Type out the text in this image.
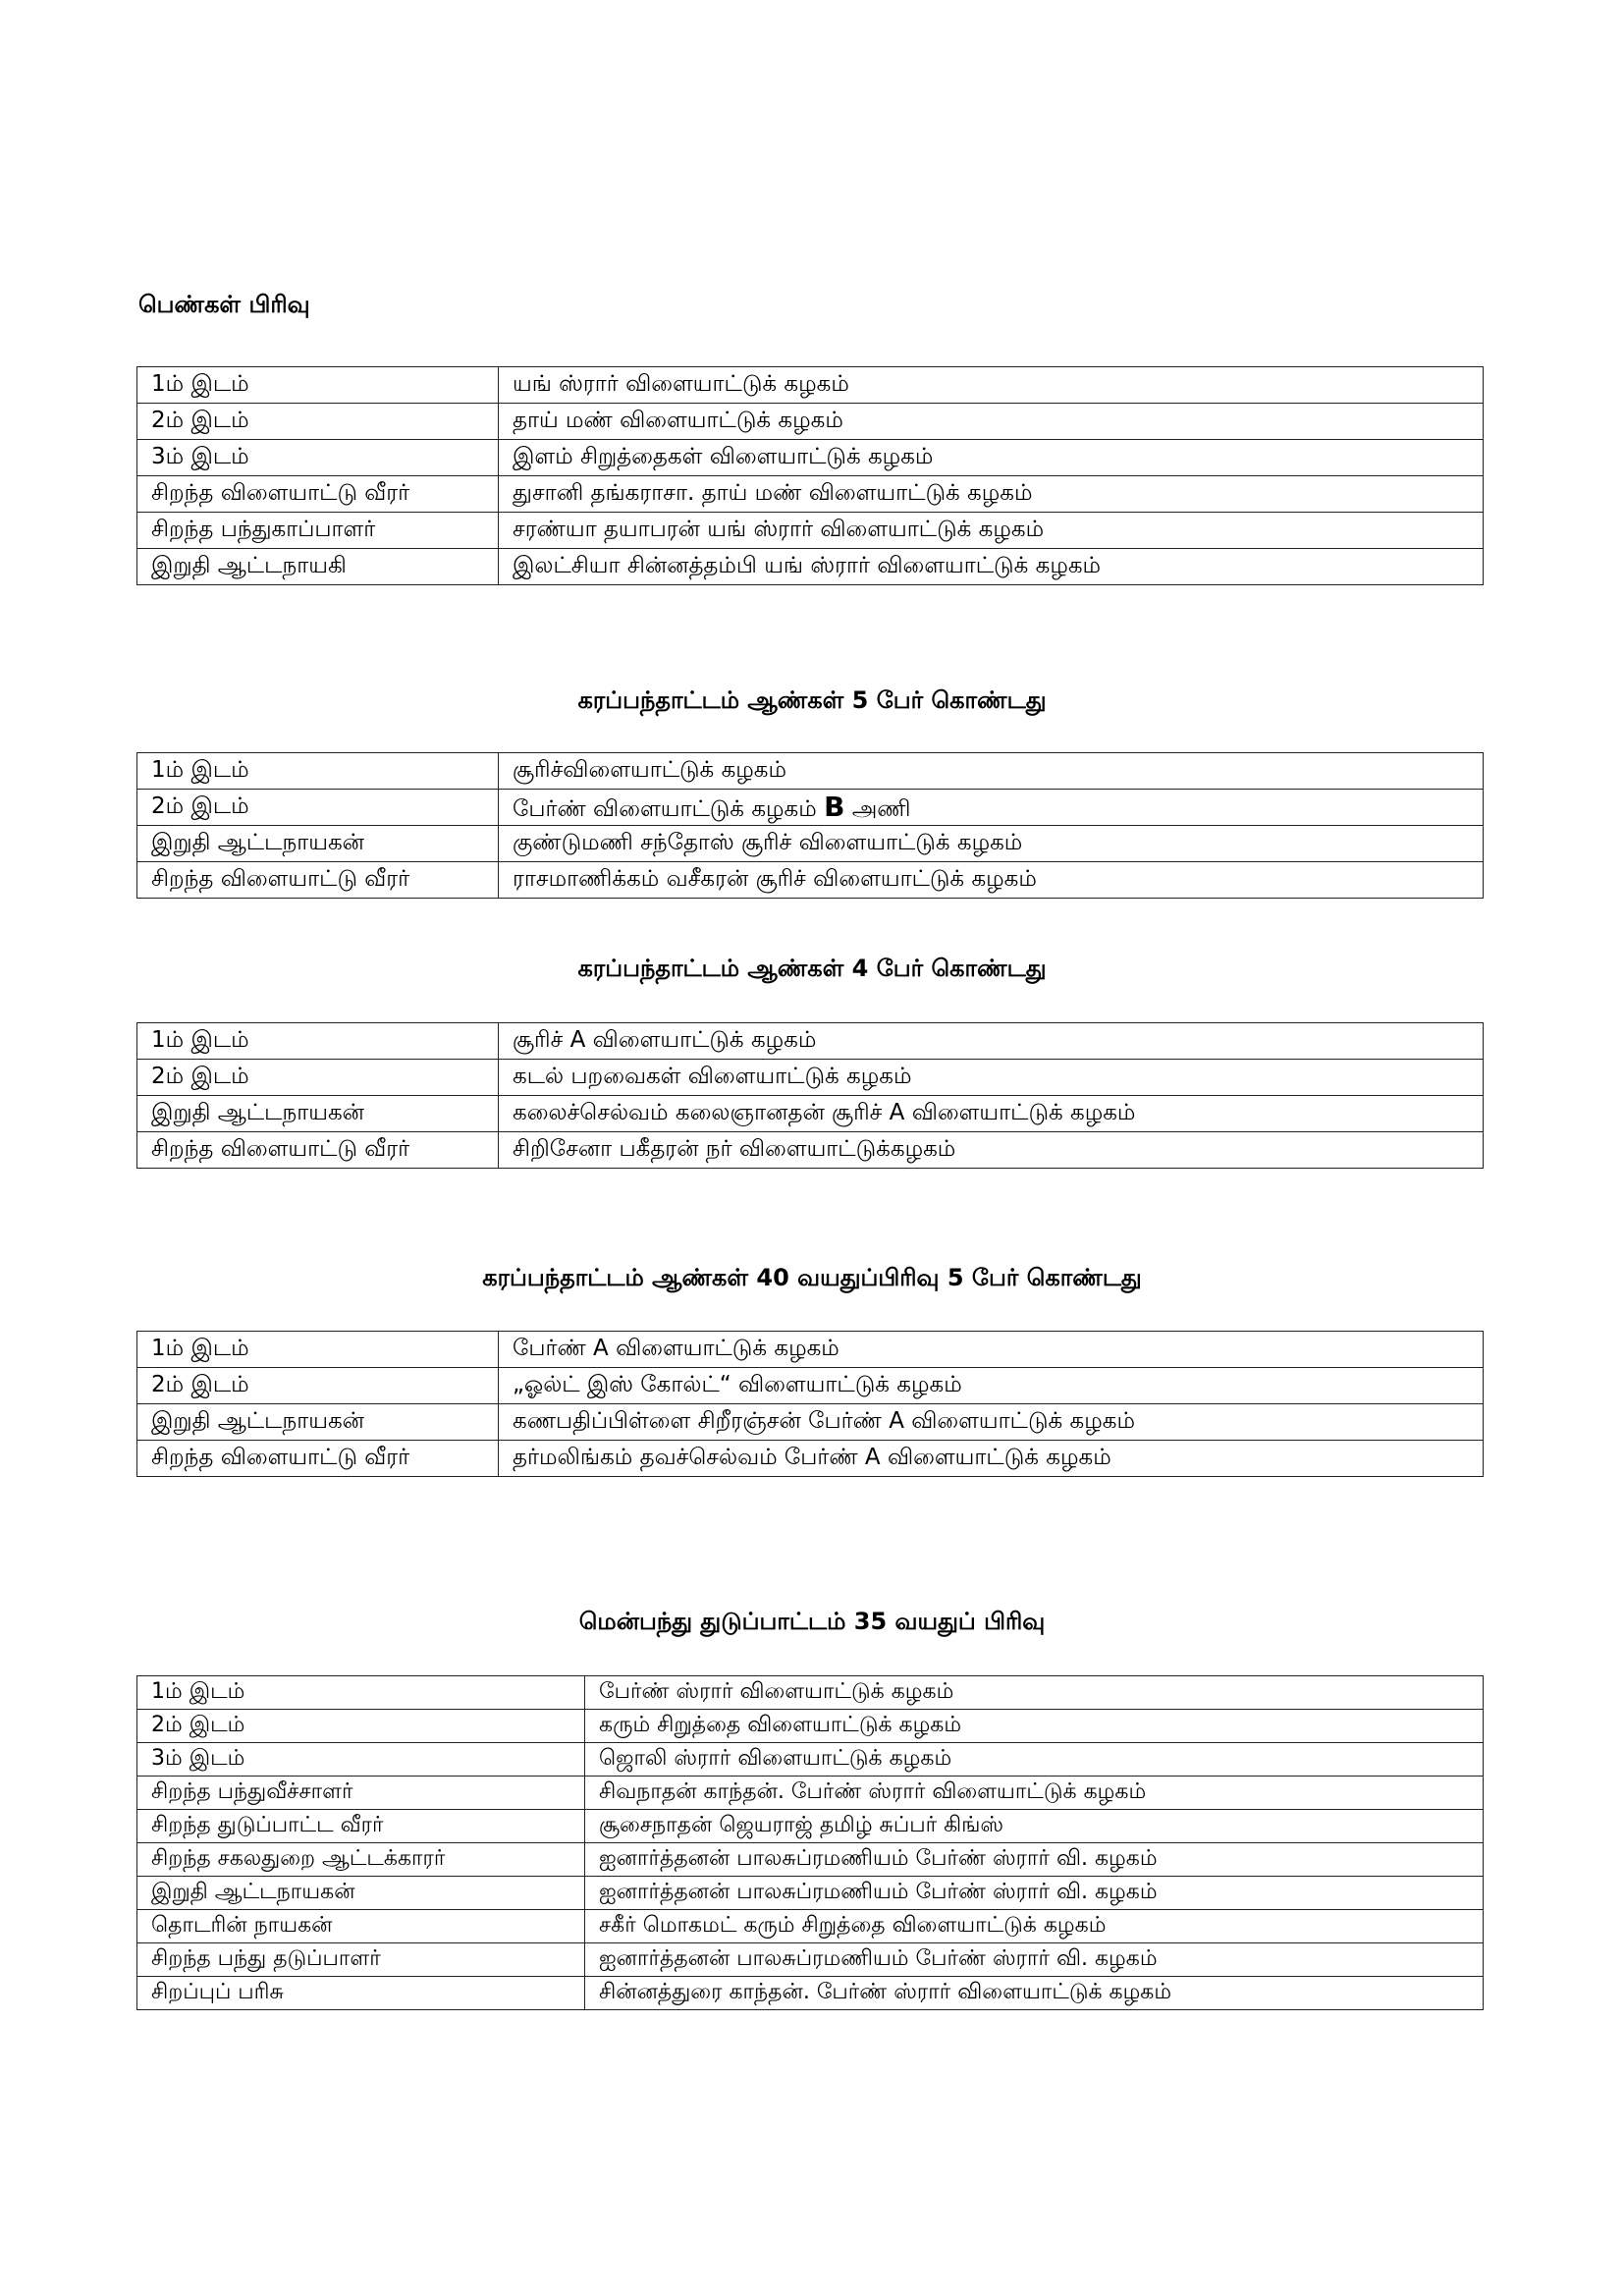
பெண்கள் பிரிவு
1ம் இடம்	யங் ஸ்ரார் விளையாட்டுக் கழகம்
2ம் இடம்	தாய் மண் விளையாட்டுக் கழகம்
3ம் இடம்	இளம் சிறுத்தைகள் விளையாட்டுக் கழகம்
சிறந்த விளையாட்டு வீரர்	துசானி தங்கராசா. தாய் மண் விளையாட்டுக் கழகம்
சிறந்த பந்துகாப்பாளர்	சரண்யா தயாபரன் யங் ஸ்ரார் விளையாட்டுக் கழகம்
இறுதி ஆட்டநாயகி	இலட்சியா சின்னத்தம்பி யங் ஸ்ரார் விளையாட்டுக் கழகம்
கரப்பந்தாட்டம் ஆண்கள் 5 பேர் கொண்டது
1ம் இடம்	சூரிச்விளையாட்டுக் கழகம்
2ம் இடம்	பேர்ண் விளையாட்டுக் கழகம் B அணி
இறுதி ஆட்டநாயகன்	குண்டுமணி சந்தோஸ் சூரிச் விளையாட்டுக் கழகம்
சிறந்த விளையாட்டு வீரர்	ராசமாணிக்கம் வசீகரன் சூரிச் விளையாட்டுக் கழகம்
கரப்பந்தாட்டம் ஆண்கள் 4 பேர் கொண்டது
1ம் இடம்	சூரிச் A விளையாட்டுக் கழகம்
2ம் இடம்	கடல் பறவைகள் விளையாட்டுக் கழகம்
இறுதி ஆட்டநாயகன்	கலைச்செல்வம் கலைஞானதன் சூரிச் A விளையாட்டுக் கழகம்
சிறந்த விளையாட்டு வீரர்	சிறிசேனா பகீதரன் நர் விளையாட்டுக்கழகம்
கரப்பந்தாட்டம் ஆண்கள் 40 வயதுப்பிரிவு 5 பேர் கொண்டது
1ம் இடம்	பேர்ண் A விளையாட்டுக் கழகம்
2ம் இடம்	„ஓல்ட் இஸ் கோல்ட்“ விளையாட்டுக் கழகம்
இறுதி ஆட்டநாயகன்	கணபதிப்பிள்ளை சிறீரஞ்சன் பேர்ண் A விளையாட்டுக் கழகம்
சிறந்த விளையாட்டு வீரர்	தர்மலிங்கம் தவச்செல்வம் பேர்ண் A விளையாட்டுக் கழகம்
மென்பந்து துடுப்பாட்டம் 35 வயதுப் பிரிவு
1ம் இடம்	பேர்ண் ஸ்ரார் விளையாட்டுக் கழகம்
2ம் இடம்	கரும் சிறுத்தை விளையாட்டுக் கழகம்
3ம் இடம்	ஜொலி ஸ்ரார் விளையாட்டுக் கழகம்
சிறந்த பந்துவீச்சாளர்	சிவநாதன் காந்தன். பேர்ண் ஸ்ரார் விளையாட்டுக் கழகம்
சிறந்த துடுப்பாட்ட வீரர்	சூசைநாதன் ஜெயராஜ் தமிழ் சுப்பர் கிங்ஸ்
சிறந்த சகலதுறை ஆட்டக்காரர்	ஐனார்த்தனன் பாலசுப்ரமணியம் பேர்ண் ஸ்ரார் வி. கழகம்
இறுதி ஆட்டநாயகன்	ஐனார்த்தனன் பாலசுப்ரமணியம் பேர்ண் ஸ்ரார் வி. கழகம்
தொடரின் நாயகன்	சகீர் மொகமட் கரும் சிறுத்தை விளையாட்டுக் கழகம்
சிறந்த பந்து தடுப்பாளர்	ஐனார்த்தனன் பாலசுப்ரமணியம் பேர்ண் ஸ்ரார் வி. கழகம்
சிறப்புப் பரிசு	சின்னத்துரை காந்தன். பேர்ண் ஸ்ரார் விளையாட்டுக் கழகம்
